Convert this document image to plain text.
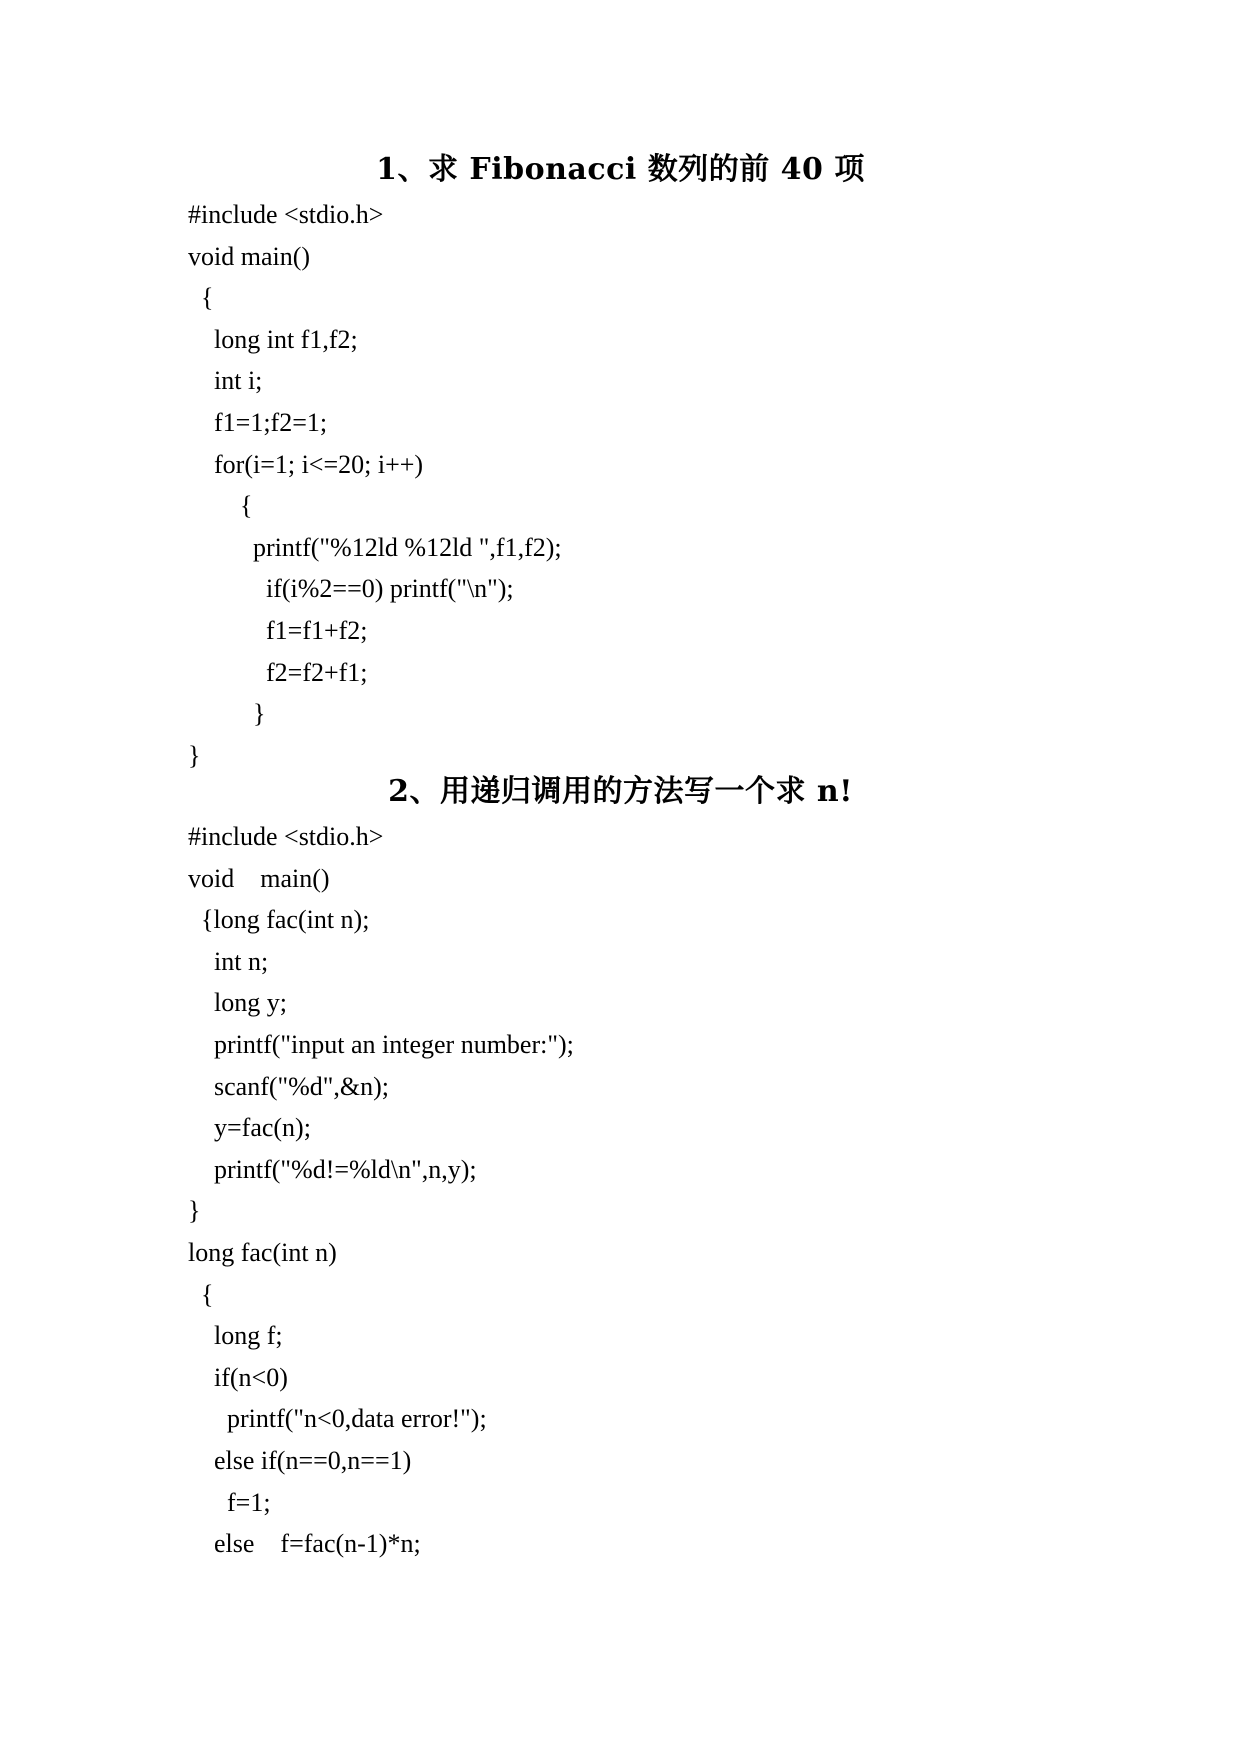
1、求 Fibonacci 数列的前 40 项
#include <stdio.h>
void main()
{
long int f1,f2;
int i;
f1=1;f2=1;
for(i=1; i<=20; i++)
{
printf("%12ld %12ld ",f1,f2);
if(i%2==0) printf("\n");
f1=f1+f2;
f2=f2+f1;
}
}
2、用递归调用的方法写一个求 n!
#include <stdio.h>
void    main()
{long fac(int n);
int n;
long y;
printf("input an integer number:");
scanf("%d",&n);
y=fac(n);
printf("%d!=%ld\n",n,y);
}
long fac(int n)
{
long f;
if(n<0)
printf("n<0,data error!");
else if(n==0,n==1)
f=1;
else    f=fac(n-1)*n;
